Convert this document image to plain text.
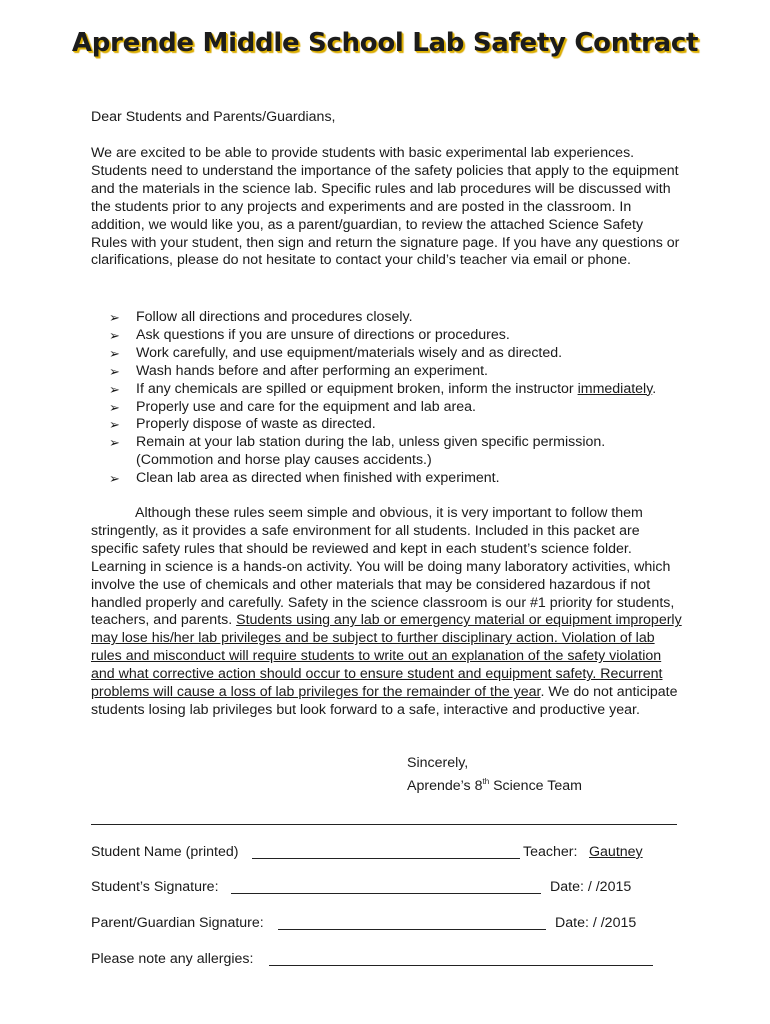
Aprende Middle School Lab Safety Contract
Dear Students and Parents/Guardians,
We are excited to be able to provide students with basic experimental lab experiences. Students need to understand the importance of the safety policies that apply to the equipment and the materials in the science lab. Specific rules and lab procedures will be discussed with the students prior to any projects and experiments and are posted in the classroom. In addition, we would like you, as a parent/guardian, to review the attached Science Safety Rules with your student, then sign and return the signature page. If you have any questions or clarifications, please do not hesitate to contact your child’s teacher via email or phone.
➢ Follow all directions and procedures closely.
➢ Ask questions if you are unsure of directions or procedures.
➢ Work carefully, and use equipment/materials wisely and as directed.
➢ Wash hands before and after performing an experiment.
➢ If any chemicals are spilled or equipment broken, inform the instructor immediately.
➢ Properly use and care for the equipment and lab area.
➢ Properly dispose of waste as directed.
➢ Remain at your lab station during the lab, unless given specific permission.
(Commotion and horse play causes accidents.)
➢ Clean lab area as directed when finished with experiment.
Although these rules seem simple and obvious, it is very important to follow them stringently, as it provides a safe environment for all students. Included in this packet are specific safety rules that should be reviewed and kept in each student’s science folder. Learning in science is a hands-on activity. You will be doing many laboratory activities, which involve the use of chemicals and other materials that may be considered hazardous if not handled properly and carefully. Safety in the science classroom is our #1 priority for students, teachers, and parents. Students using any lab or emergency material or equipment improperly may lose his/her lab privileges and be subject to further disciplinary action. Violation of lab rules and misconduct will require students to write out an explanation of the safety violation and what corrective action should occur to ensure student and equipment safety. Recurrent problems will cause a loss of lab privileges for the remainder of the year. We do not anticipate students losing lab privileges but look forward to a safe, interactive and productive year.
Sincerely,
Aprende’s 8th Science Team
Student Name (printed)	Teacher: Gautney
Student’s Signature:	Date: / /2015
Parent/Guardian Signature:	Date: / /2015
Please note any allergies:
